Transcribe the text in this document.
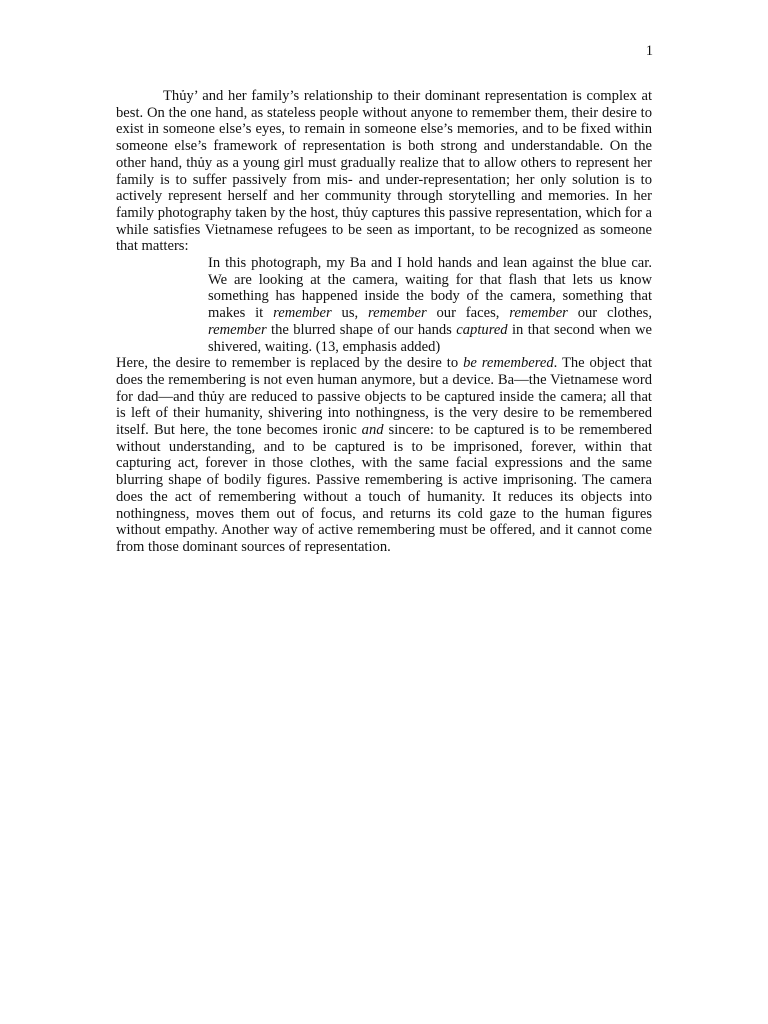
1

Thủy’ and her family’s relationship to their dominant representation is complex at best. On the one hand, as stateless people without anyone to remember them, their desire to exist in someone else’s eyes, to remain in someone else’s memories, and to be fixed within someone else’s framework of representation is both strong and understandable. On the other hand, thủy as a young girl must gradually realize that to allow others to represent her family is to suffer passively from mis- and under-representation; her only solution is to actively represent herself and her community through storytelling and memories. In her family photography taken by the host, thủy captures this passive representation, which for a while satisfies Vietnamese refugees to be seen as important, to be recognized as someone that matters:

In this photograph, my Ba and I hold hands and lean against the blue car. We are looking at the camera, waiting for that flash that lets us know something has happened inside the body of the camera, something that makes it remember us, remember our faces, remember our clothes, remember the blurred shape of our hands captured in that second when we shivered, waiting. (13, emphasis added)

Here, the desire to remember is replaced by the desire to be remembered. The object that does the remembering is not even human anymore, but a device. Ba—the Vietnamese word for dad—and thủy are reduced to passive objects to be captured inside the camera; all that is left of their humanity, shivering into nothingness, is the very desire to be remembered itself. But here, the tone becomes ironic and sincere: to be captured is to be remembered without understanding, and to be captured is to be imprisoned, forever, within that capturing act, forever in those clothes, with the same facial expressions and the same blurring shape of bodily figures. Passive remembering is active imprisoning. The camera does the act of remembering without a touch of humanity. It reduces its objects into nothingness, moves them out of focus, and returns its cold gaze to the human figures without empathy. Another way of active remembering must be offered, and it cannot come from those dominant sources of representation.
